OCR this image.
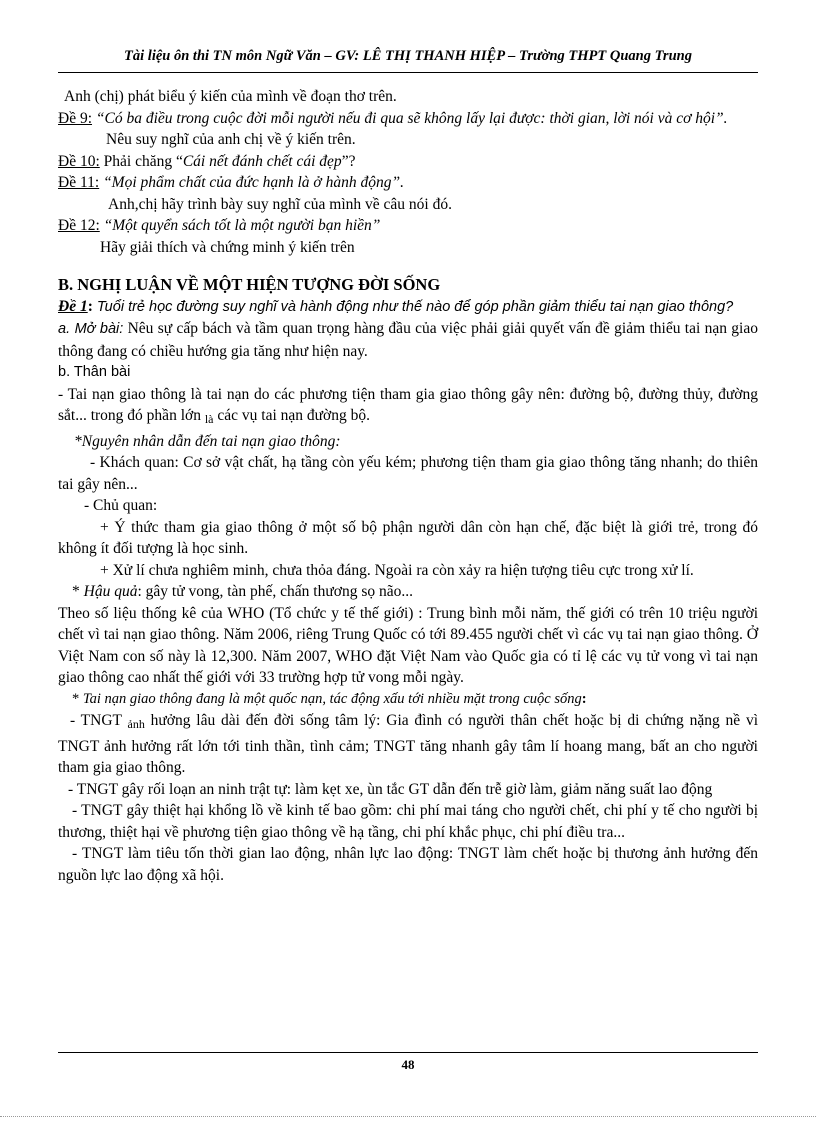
Tài liệu ôn thi TN môn Ngữ Văn – GV: LÊ THỊ THANH HIỆP – Trường THPT Quang Trung

Anh (chị) phát biểu ý kiến của mình về đoạn thơ trên.

Đề 9: “Có ba điều trong cuộc đời mỗi người nếu đi qua sẽ không lấy lại được: thời gian, lời nói và cơ hội”.

Nêu suy nghĩ của anh chị về ý kiến trên.

Đề 10: Phải chăng “Cái nết đánh chết cái đẹp”?

Đề 11: “Mọi phẩm chất của đức hạnh là ở hành động”.

Anh,chị hãy trình bày suy nghĩ của mình về câu nói đó.

Đề 12: “Một quyển sách tốt là một người bạn hiền”

Hãy giải thích và chứng minh ý kiến trên

B. NGHỊ LUẬN VỀ MỘT HIỆN TƯỢNG ĐỜI SỐNG

Đề 1: Tuổi trẻ học đường suy nghĩ và hành động như thế nào để góp phần giảm thiểu tai nạn giao thông?

a. Mở bài: Nêu sự cấp bách và tầm quan trọng hàng đầu của việc phải giải quyết vấn đề giảm thiểu tai nạn giao thông đang có chiều hướng gia tăng như hiện nay.

b. Thân bài

- Tai nạn giao thông là tai nạn do các phương tiện tham gia giao thông gây nên: đường bộ, đường thủy, đường sắt... trong đó phần lớn $_{là}$ các vụ tai nạn đường bộ.

*Nguyên nhân dẫn đến tai nạn giao thông:

- Khách quan: Cơ sở vật chất, hạ tầng còn yếu kém; phương tiện tham gia giao thông tăng nhanh; do thiên tai gây nên...

- Chủ quan:

+ Ý thức tham gia giao thông ở một số bộ phận người dân còn hạn chế, đặc biệt là giới trẻ, trong đó không ít đối tượng là học sinh.

+ Xử lí chưa nghiêm minh, chưa thỏa đáng. Ngoài ra còn xảy ra hiện tượng tiêu cực trong xử lí.

* Hậu quả: gây tử vong, tàn phế, chấn thương sọ não...

Theo số liệu thống kê của WHO (Tổ chức y tế thế giới) : Trung bình mỗi năm, thế giới có trên 10 triệu người chết vì tai nạn giao thông. Năm 2006, riêng Trung Quốc có tới 89.455 người chết vì các vụ tai nạn giao thông. Ở Việt Nam con số này là 12,300. Năm 2007, WHO đặt Việt Nam vào Quốc gia có tỉ lệ các vụ tử vong vì tai nạn giao thông cao nhất thế giới với 33 trường hợp tử vong mỗi ngày.

* Tai nạn giao thông đang là một quốc nạn, tác động xấu tới nhiều mặt trong cuộc sống:

- TNGT $_{ảnh}$ hưởng lâu dài đến đời sống tâm lý: Gia đình có người thân chết hoặc bị di chứng nặng nề vì TNGT ảnh hưởng rất lớn tới tinh thần, tình cảm; TNGT tăng nhanh gây tâm lí hoang mang, bất an cho người tham gia giao thông.

- TNGT gây rối loạn an ninh trật tự: làm kẹt xe, ùn tắc GT dẫn đến trễ giờ làm, giảm năng suất lao động

- TNGT gây thiệt hại khổng lồ về kinh tế bao gồm: chi phí mai táng cho người chết, chi phí y tế cho người bị thương, thiệt hại về phương tiện giao thông về hạ tầng, chi phí khắc phục, chi phí điều tra...

- TNGT làm tiêu tốn thời gian lao động, nhân lực lao động: TNGT làm chết hoặc bị thương ảnh hưởng đến nguồn lực lao động xã hội.

48
